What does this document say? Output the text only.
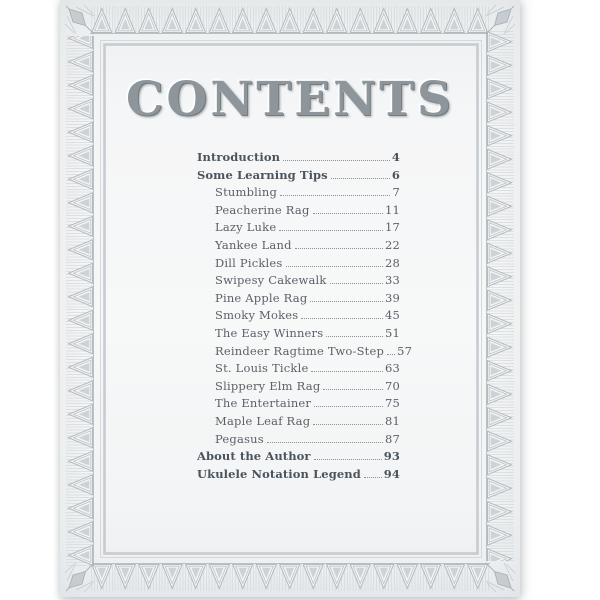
CONTENTS
Introduction	4
Some Learning Tips	6
Stumbling	7
Peacherine Rag	11
Lazy Luke	17
Yankee Land	22
Dill Pickles	28
Swipesy Cakewalk	33
Pine Apple Rag	39
Smoky Mokes	45
The Easy Winners	51
Reindeer Ragtime Two-Step 57
St. Louis Tickle	63
Slippery Elm Rag	70
The Entertainer	75
Maple Leaf Rag	81
Pegasus	87
About the Author	93
Ukulele Notation Legend 94
